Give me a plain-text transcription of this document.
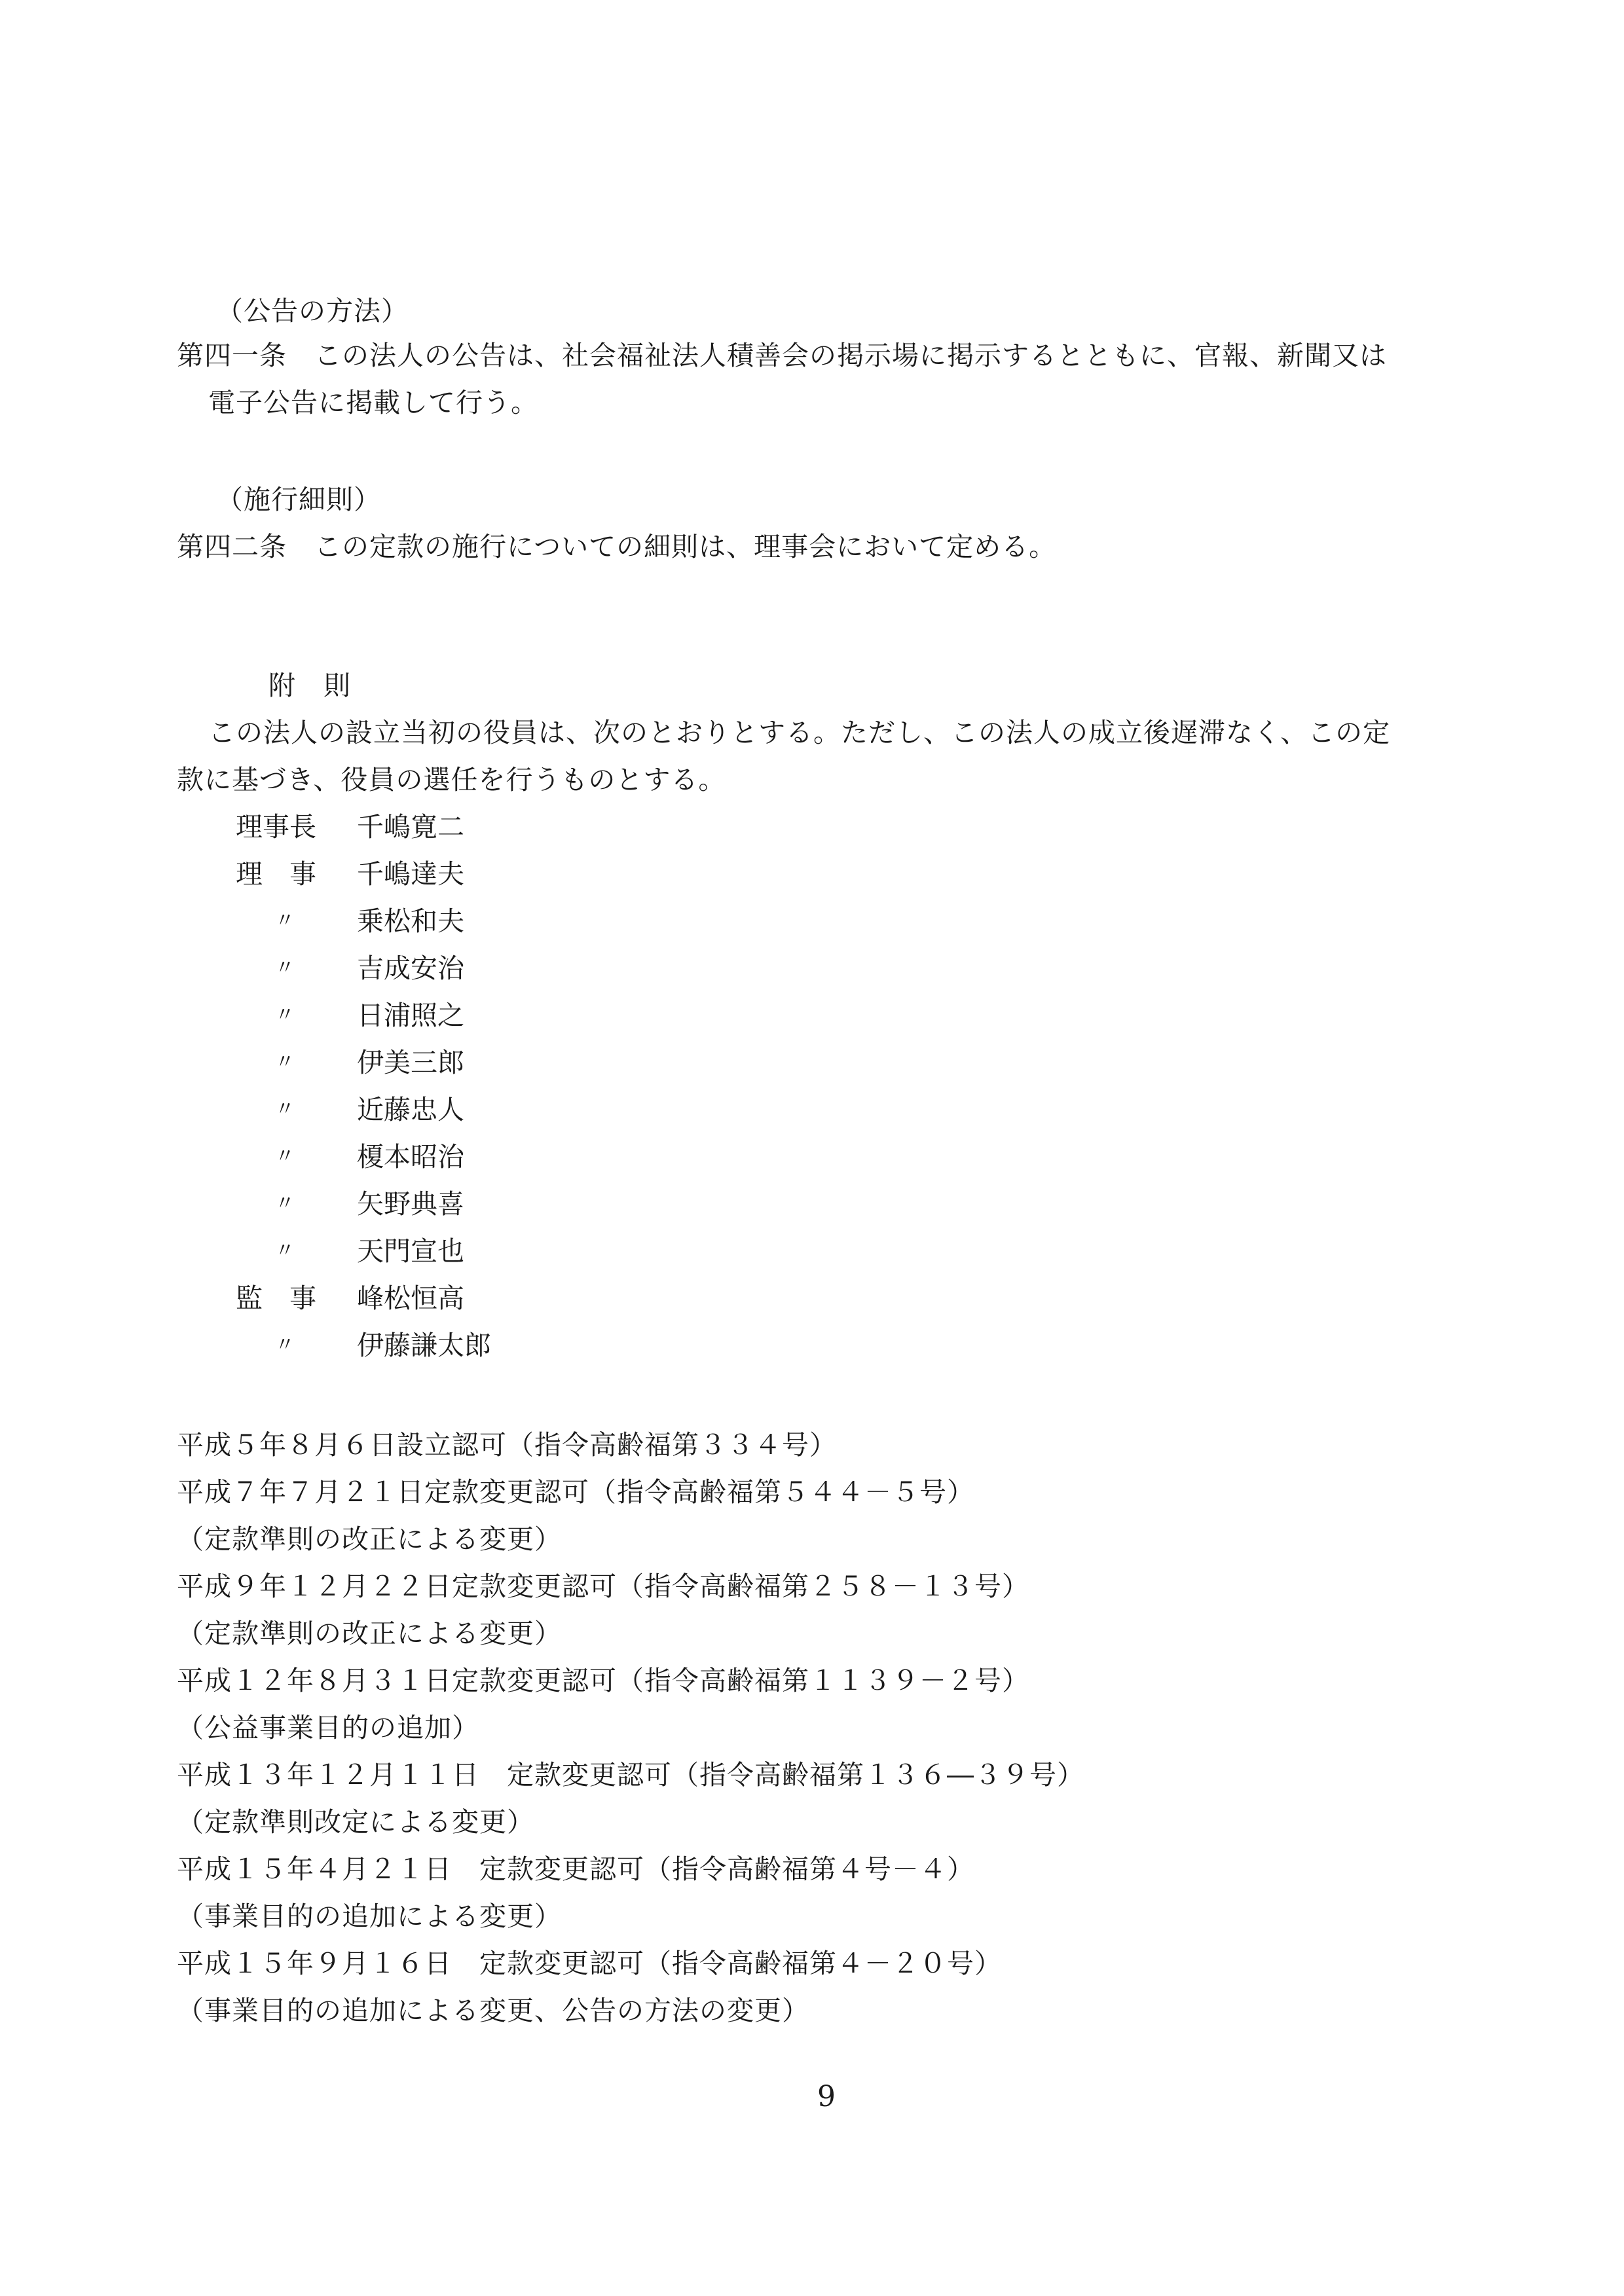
（公告の方法）
第四一条　この法人の公告は、社会福祉法人積善会の掲示場に掲示するとともに、官報、新聞又は
電子公告に掲載して行う。
（施行細則）
第四二条　この定款の施行についての細則は、理事会において定める。
附　則
この法人の設立当初の役員は、次のとおりとする。ただし、この法人の成立後遅滞なく、この定
款に基づき、役員の選任を行うものとする。
理事長	千嶋寛二
理　事	千嶋達夫
〃	乗松和夫
〃	吉成安治
〃	日浦照之
〃	伊美三郎
〃	近藤忠人
〃	榎本昭治
〃	矢野典喜
〃	天門宣也
監　事	峰松恒高
〃	伊藤謙太郎
平成５年８月６日設立認可（指令高齢福第３３４号）
平成７年７月２１日定款変更認可（指令高齢福第５４４－５号）
（定款準則の改正による変更）
平成９年１２月２２日定款変更認可（指令高齢福第２５８－１３号）
（定款準則の改正による変更）
平成１２年８月３１日定款変更認可（指令高齢福第１１３９－２号）
（公益事業目的の追加）
平成１３年１２月１１日　定款変更認可（指令高齢福第１３６―３９号）
（定款準則改定による変更）
平成１５年４月２１日　定款変更認可（指令高齢福第４号－４）
（事業目的の追加による変更）
平成１５年９月１６日　定款変更認可（指令高齢福第４－２０号）
（事業目的の追加による変更、公告の方法の変更）
9
